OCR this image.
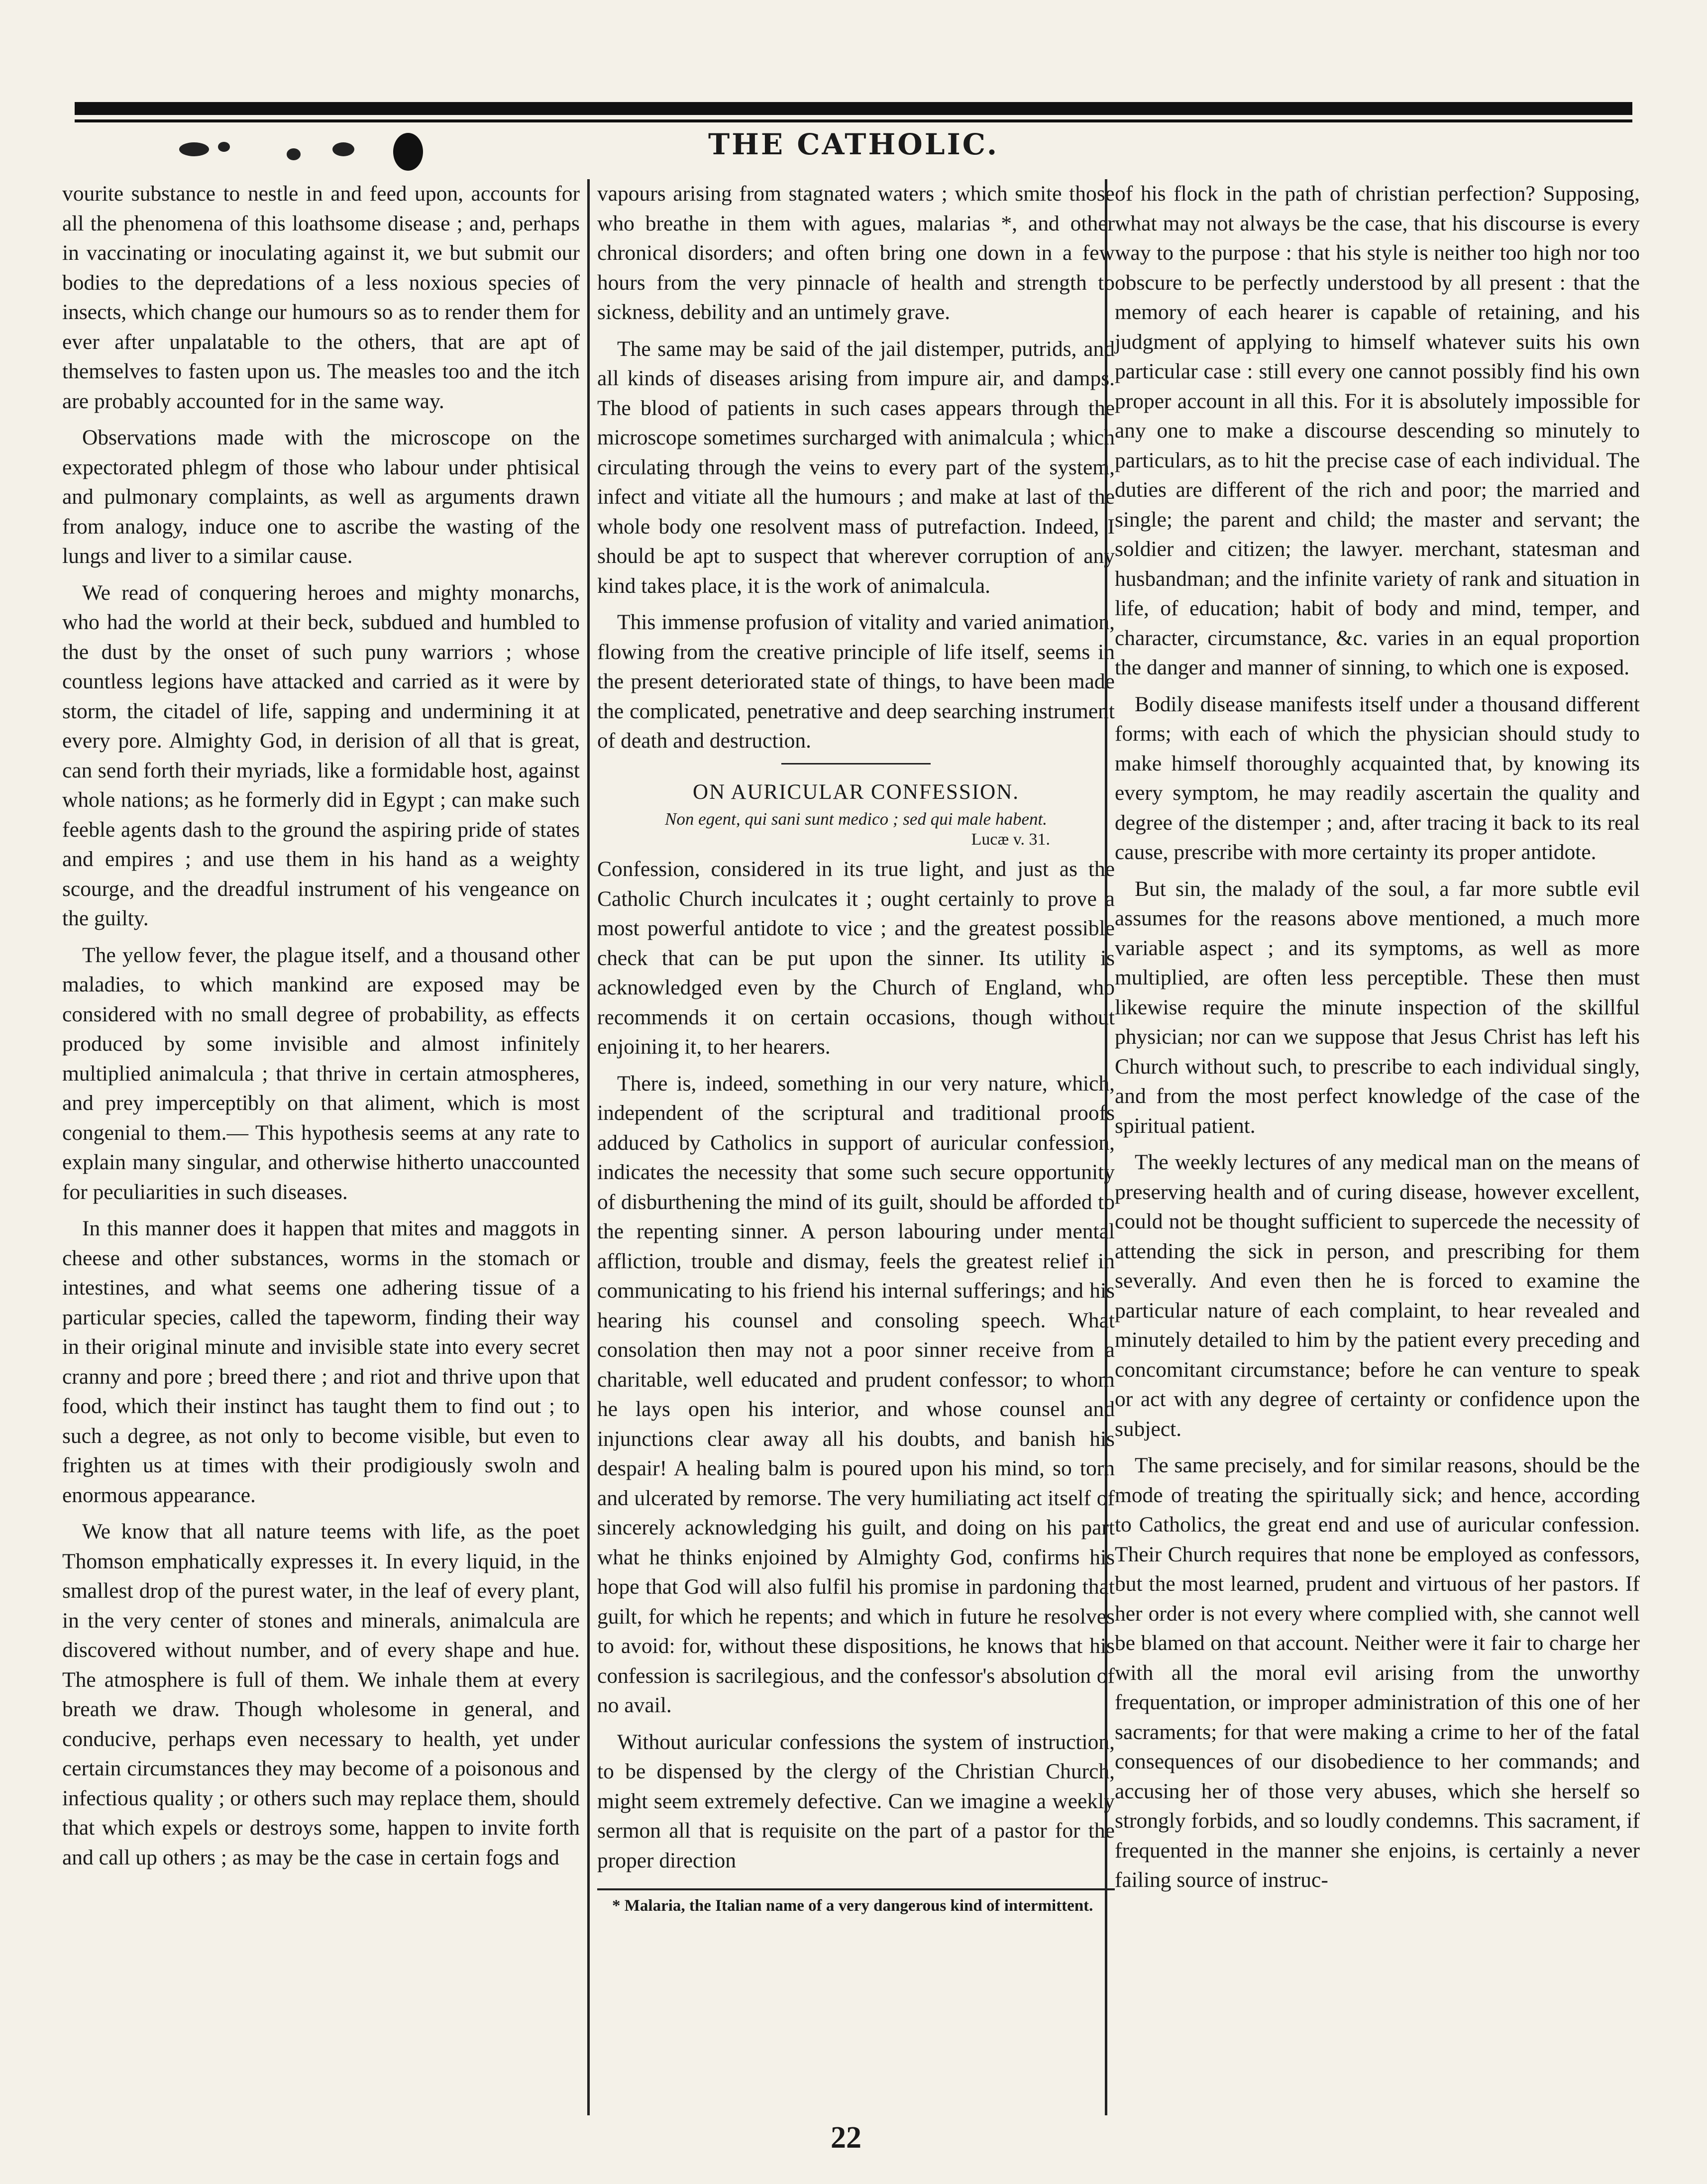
THE CATHOLIC.

vourite substance to nestle in and feed upon, accounts for all the phenomena of this loathsome disease ; and, perhaps in vaccinating or inoculating against it, we but submit our bodies to the depredations of a less noxious species of insects, which change our humours so as to render them for ever after unpalatable to the others, that are apt of themselves to fasten upon us. The measles too and the itch are probably accounted for in the same way.

Observations made with the microscope on the expectorated phlegm of those who labour under phtisical and pulmonary complaints, as well as arguments drawn from analogy, induce one to ascribe the wasting of the lungs and liver to a similar cause.

We read of conquering heroes and mighty monarchs, who had the world at their beck, subdued and humbled to the dust by the onset of such puny warriors ; whose countless legions have attacked and carried as it were by storm, the citadel of life, sapping and undermining it at every pore. Almighty God, in derision of all that is great, can send forth their myriads, like a formidable host, against whole nations; as he formerly did in Egypt ; can make such feeble agents dash to the ground the aspiring pride of states and empires ; and use them in his hand as a weighty scourge, and the dreadful instrument of his vengeance on the guilty.

The yellow fever, the plague itself, and a thousand other maladies, to which mankind are exposed may be considered with no small degree of probability, as effects produced by some invisible and almost infinitely multiplied animalcula ; that thrive in certain atmospheres, and prey imperceptibly on that aliment, which is most congenial to them.— This hypothesis seems at any rate to explain many singular, and otherwise hitherto unaccounted for peculiarities in such diseases.

In this manner does it happen that mites and maggots in cheese and other substances, worms in the stomach or intestines, and what seems one adhering tissue of a particular species, called the tapeworm, finding their way in their original minute and invisible state into every secret cranny and pore ; breed there ; and riot and thrive upon that food, which their instinct has taught them to find out ; to such a degree, as not only to become visible, but even to frighten us at times with their prodigiously swoln and enormous appearance.

We know that all nature teems with life, as the poet Thomson emphatically expresses it. In every liquid, in the smallest drop of the purest water, in the leaf of every plant, in the very center of stones and minerals, animalcula are discovered without number, and of every shape and hue. The atmosphere is full of them. We inhale them at every breath we draw. Though wholesome in general, and conducive, perhaps even necessary to health, yet under certain circumstances they may become of a poisonous and infectious quality ; or others such may replace them, should that which expels or destroys some, happen to invite forth and call up others ; as may be the case in certain fogs and

vapours arising from stagnated waters ; which smite those who breathe in them with agues, malarias *, and other chronical disorders; and often bring one down in a few hours from the very pinnacle of health and strength to sickness, debility and an untimely grave.

The same may be said of the jail distemper, putrids, and all kinds of diseases arising from impure air, and damps. The blood of patients in such cases appears through the microscope sometimes surcharged with animalcula ; which circulating through the veins to every part of the system, infect and vitiate all the humours ; and make at last of the whole body one resolvent mass of putrefaction. Indeed, I should be apt to suspect that wherever corruption of any kind takes place, it is the work of animalcula.

This immense profusion of vitality and varied animation, flowing from the creative principle of life itself, seems in the present deteriorated state of things, to have been made the complicated, penetrative and deep searching instrument of death and destruction.

ON AURICULAR CONFESSION.
Non egent, qui sani sunt medico ; sed qui male habent.
Lucæ v. 31.

Confession, considered in its true light, and just as the Catholic Church inculcates it ; ought certainly to prove a most powerful antidote to vice ; and the greatest possible check that can be put upon the sinner. Its utility is acknowledged even by the Church of England, who recommends it on certain occasions, though without enjoining it, to her hearers.

There is, indeed, something in our very nature, which, independent of the scriptural and traditional proofs adduced by Catholics in support of auricular confession, indicates the necessity that some such secure opportunity of disburthening the mind of its guilt, should be afforded to the repenting sinner. A person labouring under mental affliction, trouble and dismay, feels the greatest relief in communicating to his friend his internal sufferings; and his hearing his counsel and consoling speech. What consolation then may not a poor sinner receive from a charitable, well educated and prudent confessor; to whom he lays open his interior, and whose counsel and injunctions clear away all his doubts, and banish his despair! A healing balm is poured upon his mind, so torn and ulcerated by remorse. The very humiliating act itself of sincerely acknowledging his guilt, and doing on his part what he thinks enjoined by Almighty God, confirms his hope that God will also fulfil his promise in pardoning that guilt, for which he repents; and which in future he resolves to avoid: for, without these dispositions, he knows that his confession is sacrilegious, and the confessor's absolution of no avail.

Without auricular confessions the system of instruction, to be dispensed by the clergy of the Christian Church, might seem extremely defective. Can we imagine a weekly sermon all that is requisite on the part of a pastor for the proper direction

* Malaria, the Italian name of a very dangerous kind of intermittent.

of his flock in the path of christian perfection? Supposing, what may not always be the case, that his discourse is every way to the purpose : that his style is neither too high nor too obscure to be perfectly understood by all present : that the memory of each hearer is capable of retaining, and his judgment of applying to himself whatever suits his own particular case : still every one cannot possibly find his own proper account in all this. For it is absolutely impossible for any one to make a discourse descending so minutely to particulars, as to hit the precise case of each individual. The duties are different of the rich and poor; the married and single; the parent and child; the master and servant; the soldier and citizen; the lawyer. merchant, statesman and husbandman; and the infinite variety of rank and situation in life, of education; habit of body and mind, temper, and character, circumstance, &c. varies in an equal proportion the danger and manner of sinning, to which one is exposed.

Bodily disease manifests itself under a thousand different forms; with each of which the physician should study to make himself thoroughly acquainted that, by knowing its every symptom, he may readily ascertain the quality and degree of the distemper ; and, after tracing it back to its real cause, prescribe with more certainty its proper antidote.

But sin, the malady of the soul, a far more subtle evil assumes for the reasons above mentioned, a much more variable aspect ; and its symptoms, as well as more multiplied, are often less perceptible. These then must likewise require the minute inspection of the skillful physician; nor can we suppose that Jesus Christ has left his Church without such, to prescribe to each individual singly, and from the most perfect knowledge of the case of the spiritual patient.

The weekly lectures of any medical man on the means of preserving health and of curing disease, however excellent, could not be thought sufficient to supercede the necessity of attending the sick in person, and prescribing for them severally. And even then he is forced to examine the particular nature of each complaint, to hear revealed and minutely detailed to him by the patient every preceding and concomitant circumstance; before he can venture to speak or act with any degree of certainty or confidence upon the subject.

The same precisely, and for similar reasons, should be the mode of treating the spiritually sick; and hence, according to Catholics, the great end and use of auricular confession. Their Church requires that none be employed as confessors, but the most learned, prudent and virtuous of her pastors. If her order is not every where complied with, she cannot well be blamed on that account. Neither were it fair to charge her with all the moral evil arising from the unworthy frequentation, or improper administration of this one of her sacraments; for that were making a crime to her of the fatal consequences of our disobedience to her commands; and accusing her of those very abuses, which she herself so strongly forbids, and so loudly condemns. This sacrament, if frequented in the manner she enjoins, is certainly a never failing source of instruc-

22
